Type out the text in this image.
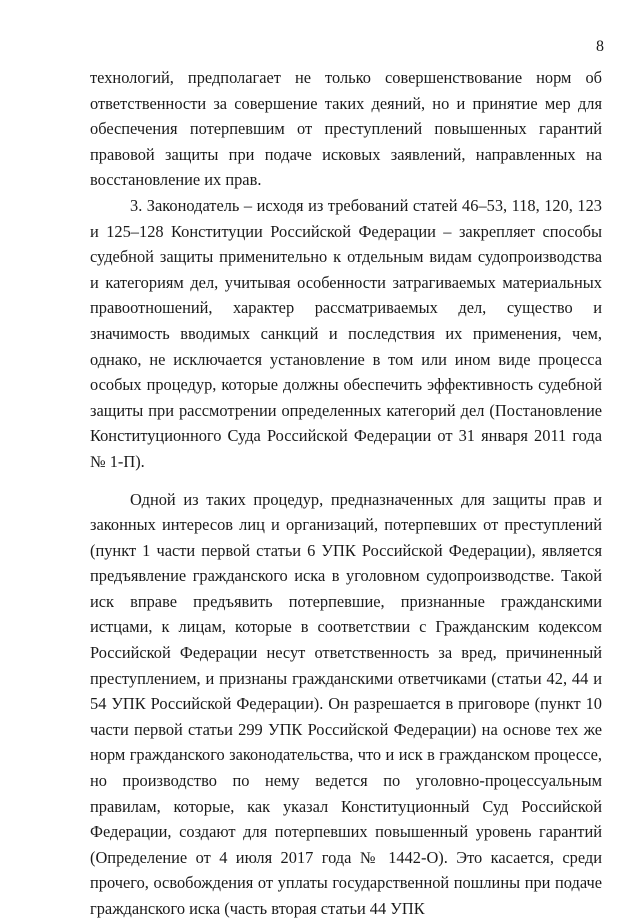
8

технологий, предполагает не только совершенствование норм об ответственности за совершение таких деяний, но и принятие мер для обеспечения потерпевшим от преступлений повышенных гарантий правовой защиты при подаче исковых заявлений, направленных на восстановление их прав.

3. Законодатель – исходя из требований статей 46–53, 118, 120, 123 и 125–128 Конституции Российской Федерации – закрепляет способы судебной защиты применительно к отдельным видам судопроизводства и категориям дел, учитывая особенности затрагиваемых материальных правоотношений, характер рассматриваемых дел, существо и значимость вводимых санкций и последствия их применения, чем, однако, не исключается установление в том или ином виде процесса особых процедур, которые должны обеспечить эффективность судебной защиты при рассмотрении определенных категорий дел (Постановление Конституционного Суда Российской Федерации от 31 января 2011 года № 1-П).

Одной из таких процедур, предназначенных для защиты прав и законных интересов лиц и организаций, потерпевших от преступлений (пункт 1 части первой статьи 6 УПК Российской Федерации), является предъявление гражданского иска в уголовном судопроизводстве. Такой иск вправе предъявить потерпевшие, признанные гражданскими истцами, к лицам, которые в соответствии с Гражданским кодексом Российской Федерации несут ответственность за вред, причиненный преступлением, и признаны гражданскими ответчиками (статьи 42, 44 и 54 УПК Российской Федерации). Он разрешается в приговоре (пункт 10 части первой статьи 299 УПК Российской Федерации) на основе тех же норм гражданского законодательства, что и иск в гражданском процессе, но производство по нему ведется по уголовно-процессуальным правилам, которые, как указал Конституционный Суд Российской Федерации, создают для потерпевших повышенный уровень гарантий (Определение от 4 июля 2017 года № 1442-О). Это касается, среди прочего, освобождения от уплаты государственной пошлины при подаче гражданского иска (часть вторая статьи 44 УПК
